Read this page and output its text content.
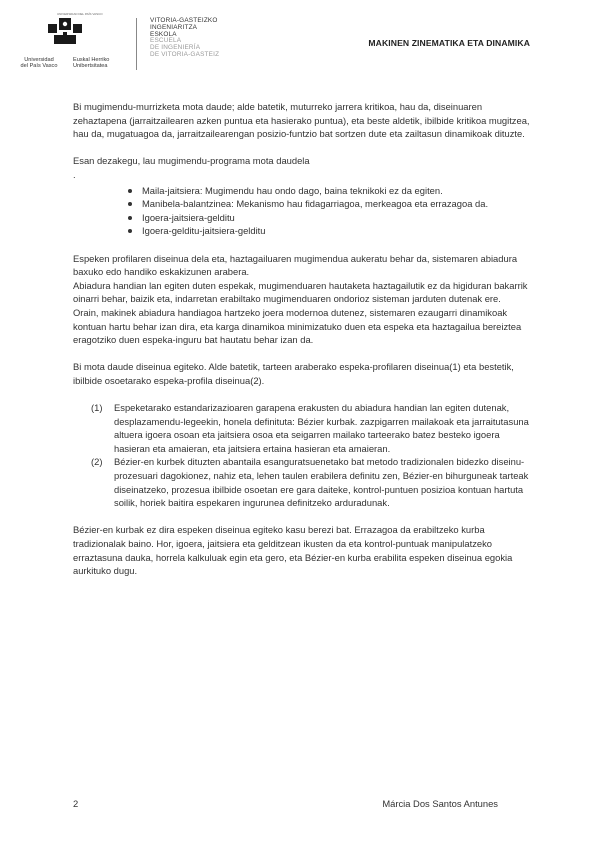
UNIVERSIDAD DEL PAÍS VASCO
Universidad
del País Vasco
Euskal Herriko
Unibertsitatea
VITORIA-GASTEIZKO
INGENIARITZA
ESKOLA
ESCUELA
DE INGENIERÍA
DE VITORIA-GASTEIZ
MAKINEN ZINEMATIKA ETA DINAMIKA

Bi mugimendu-murrizketa mota daude; alde batetik, muturreko jarrera kritikoa, hau da, diseinuaren zehaztapena (jarraitzailearen azken puntua eta hasierako puntua), eta beste aldetik, ibilbide kritikoa mugitzea, hau da, mugatuagoa da, jarraitzailearengan posizio-funtzio bat sortzen dute eta zailtasun dinamikoak dituzte.

Esan dezakegu, lau mugimendu-programa mota daudela

.

Maila-jaitsiera: Mugimendu hau ondo dago, baina teknikoki ez da egiten.
Manibela-balantzinea: Mekanismo hau fidagarriagoa, merkeagoa eta errazagoa da.
Igoera-jaitsiera-gelditu
Igoera-gelditu-jaitsiera-gelditu

Espeken profilaren diseinua dela eta, haztagailuaren mugimendua aukeratu behar da, sistemaren abiadura baxuko edo handiko eskakizunen arabera.

Abiadura handian lan egiten duten espekak, mugimenduaren hautaketa haztagailutik ez da higiduran bakarrik oinarri behar, baizik eta, indarretan erabiltako mugimenduaren ondorioz sisteman jarduten dutenak ere.

Orain, makinek abiadura handiagoa hartzeko joera modernoa dutenez, sistemaren ezaugarri dinamikoak kontuan hartu behar izan dira, eta karga dinamikoa minimizatuko duen eta espeka eta haztagailua bereiztea eragotziko duen espeka-inguru bat hautatu behar izan da.

Bi mota daude diseinua egiteko. Alde batetik, tarteen araberako espeka-profilaren diseinua(1) eta bestetik, ibilbide osoetarako espeka-profila diseinua(2).

(1) Espeketarako estandarizazioaren garapena erakusten du abiadura handian lan egiten dutenak, desplazamendu-legeekin, honela definituta: Bézier kurbak. zazpigarren mailakoak eta jarraitutasuna altuera igoera osoan eta jaitsiera osoa eta seigarren mailako tarteerako batez besteko igoera hasieran eta amaieran, eta jaitsiera ertaina hasieran eta amaieran.
(2) Bézier-en kurbek dituzten abantaila esanguratsuenetako bat metodo tradizionalen bidezko diseinu-prozesuari dagokionez, nahiz eta, lehen taulen erabilera definitu zen, Bézier-en bihurguneak tarteak diseinatzeko, prozesua ibilbide osoetan ere gara daiteke, kontrol-puntuen posizioa kontuan hartuta soilik, horiek baitira espekaren ingurunea definitzeko arduradunak.

Bézier-en kurbak ez dira espeken diseinua egiteko kasu berezi bat. Errazagoa da erabiltzeko kurba tradizionalak baino. Hor, igoera, jaitsiera eta gelditzean ikusten da eta kontrol-puntuak manipulatzeko erraztasuna dauka, horrela kalkuluak egin eta gero, eta Bézier-en kurba erabilita espeken diseinua egokia aurkituko dugu.

2	Márcia Dos Santos Antunes
